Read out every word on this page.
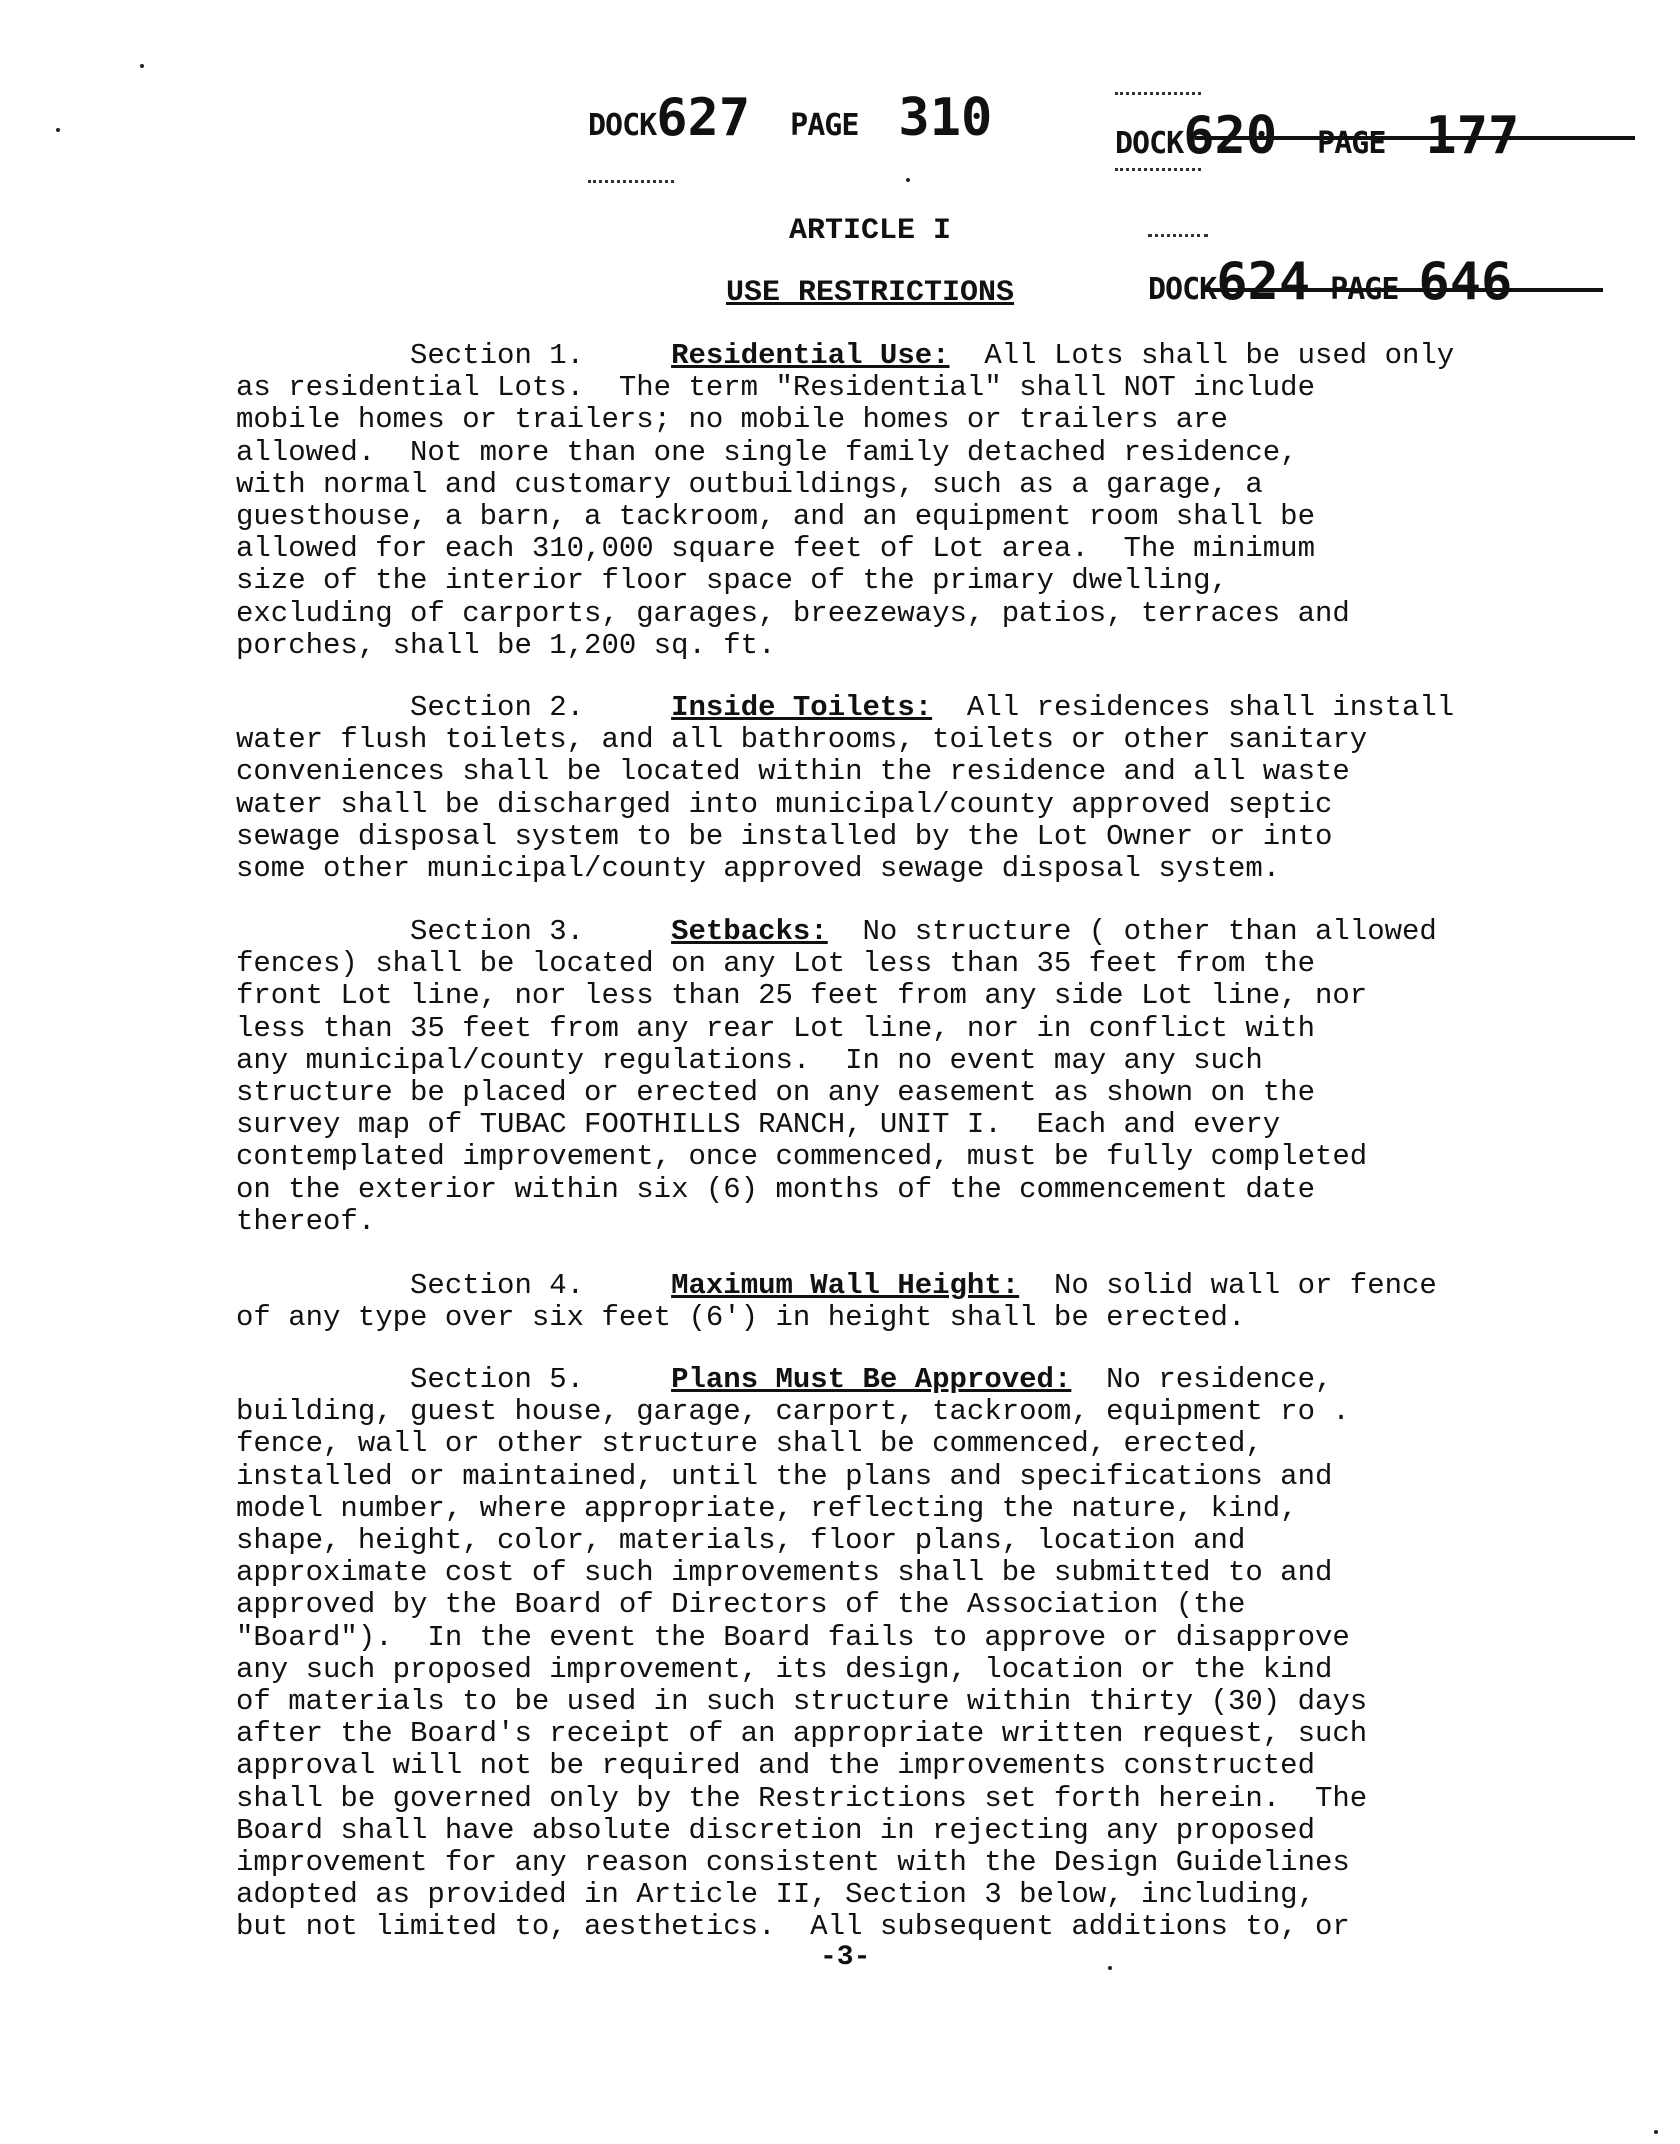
DOCK627 PAGE 310	DOCK620 PAGE 177
DOCK624 PAGE 646
ARTICLE I
USE RESTRICTIONS

Section 1.	Residential Use:  All Lots shall be used only
as residential Lots.  The term "Residential" shall NOT include
mobile homes or trailers; no mobile homes or trailers are
allowed.  Not more than one single family detached residence,
with normal and customary outbuildings, such as a garage, a
guesthouse, a barn, a tackroom, and an equipment room shall be
allowed for each 310,000 square feet of Lot area.  The minimum
size of the interior floor space of the primary dwelling,
excluding of carports, garages, breezeways, patios, terraces and
porches, shall be 1,200 sq. ft.

Section 2.	Inside Toilets:  All residences shall install
water flush toilets, and all bathrooms, toilets or other sanitary
conveniences shall be located within the residence and all waste
water shall be discharged into municipal/county approved septic
sewage disposal system to be installed by the Lot Owner or into
some other municipal/county approved sewage disposal system.

Section 3.	Setbacks:  No structure ( other than allowed
fences) shall be located on any Lot less than 35 feet from the
front Lot line, nor less than 25 feet from any side Lot line, nor
less than 35 feet from any rear Lot line, nor in conflict with
any municipal/county regulations.  In no event may any such
structure be placed or erected on any easement as shown on the
survey map of TUBAC FOOTHILLS RANCH, UNIT I.  Each and every
contemplated improvement, once commenced, must be fully completed
on the exterior within six (6) months of the commencement date
thereof.

Section 4.	Maximum Wall Height:  No solid wall or fence
of any type over six feet (6') in height shall be erected.

Section 5.	Plans Must Be Approved:  No residence,
building, guest house, garage, carport, tackroom, equipment ro .
fence, wall or other structure shall be commenced, erected,
installed or maintained, until the plans and specifications and
model number, where appropriate, reflecting the nature, kind,
shape, height, color, materials, floor plans, location and
approximate cost of such improvements shall be submitted to and
approved by the Board of Directors of the Association (the
"Board").  In the event the Board fails to approve or disapprove
any such proposed improvement, its design, location or the kind
of materials to be used in such structure within thirty (30) days
after the Board's receipt of an appropriate written request, such
approval will not be required and the improvements constructed
shall be governed only by the Restrictions set forth herein.  The
Board shall have absolute discretion in rejecting any proposed
improvement for any reason consistent with the Design Guidelines
adopted as provided in Article II, Section 3 below, including,
but not limited to, aesthetics.  All subsequent additions to, or

-3-
